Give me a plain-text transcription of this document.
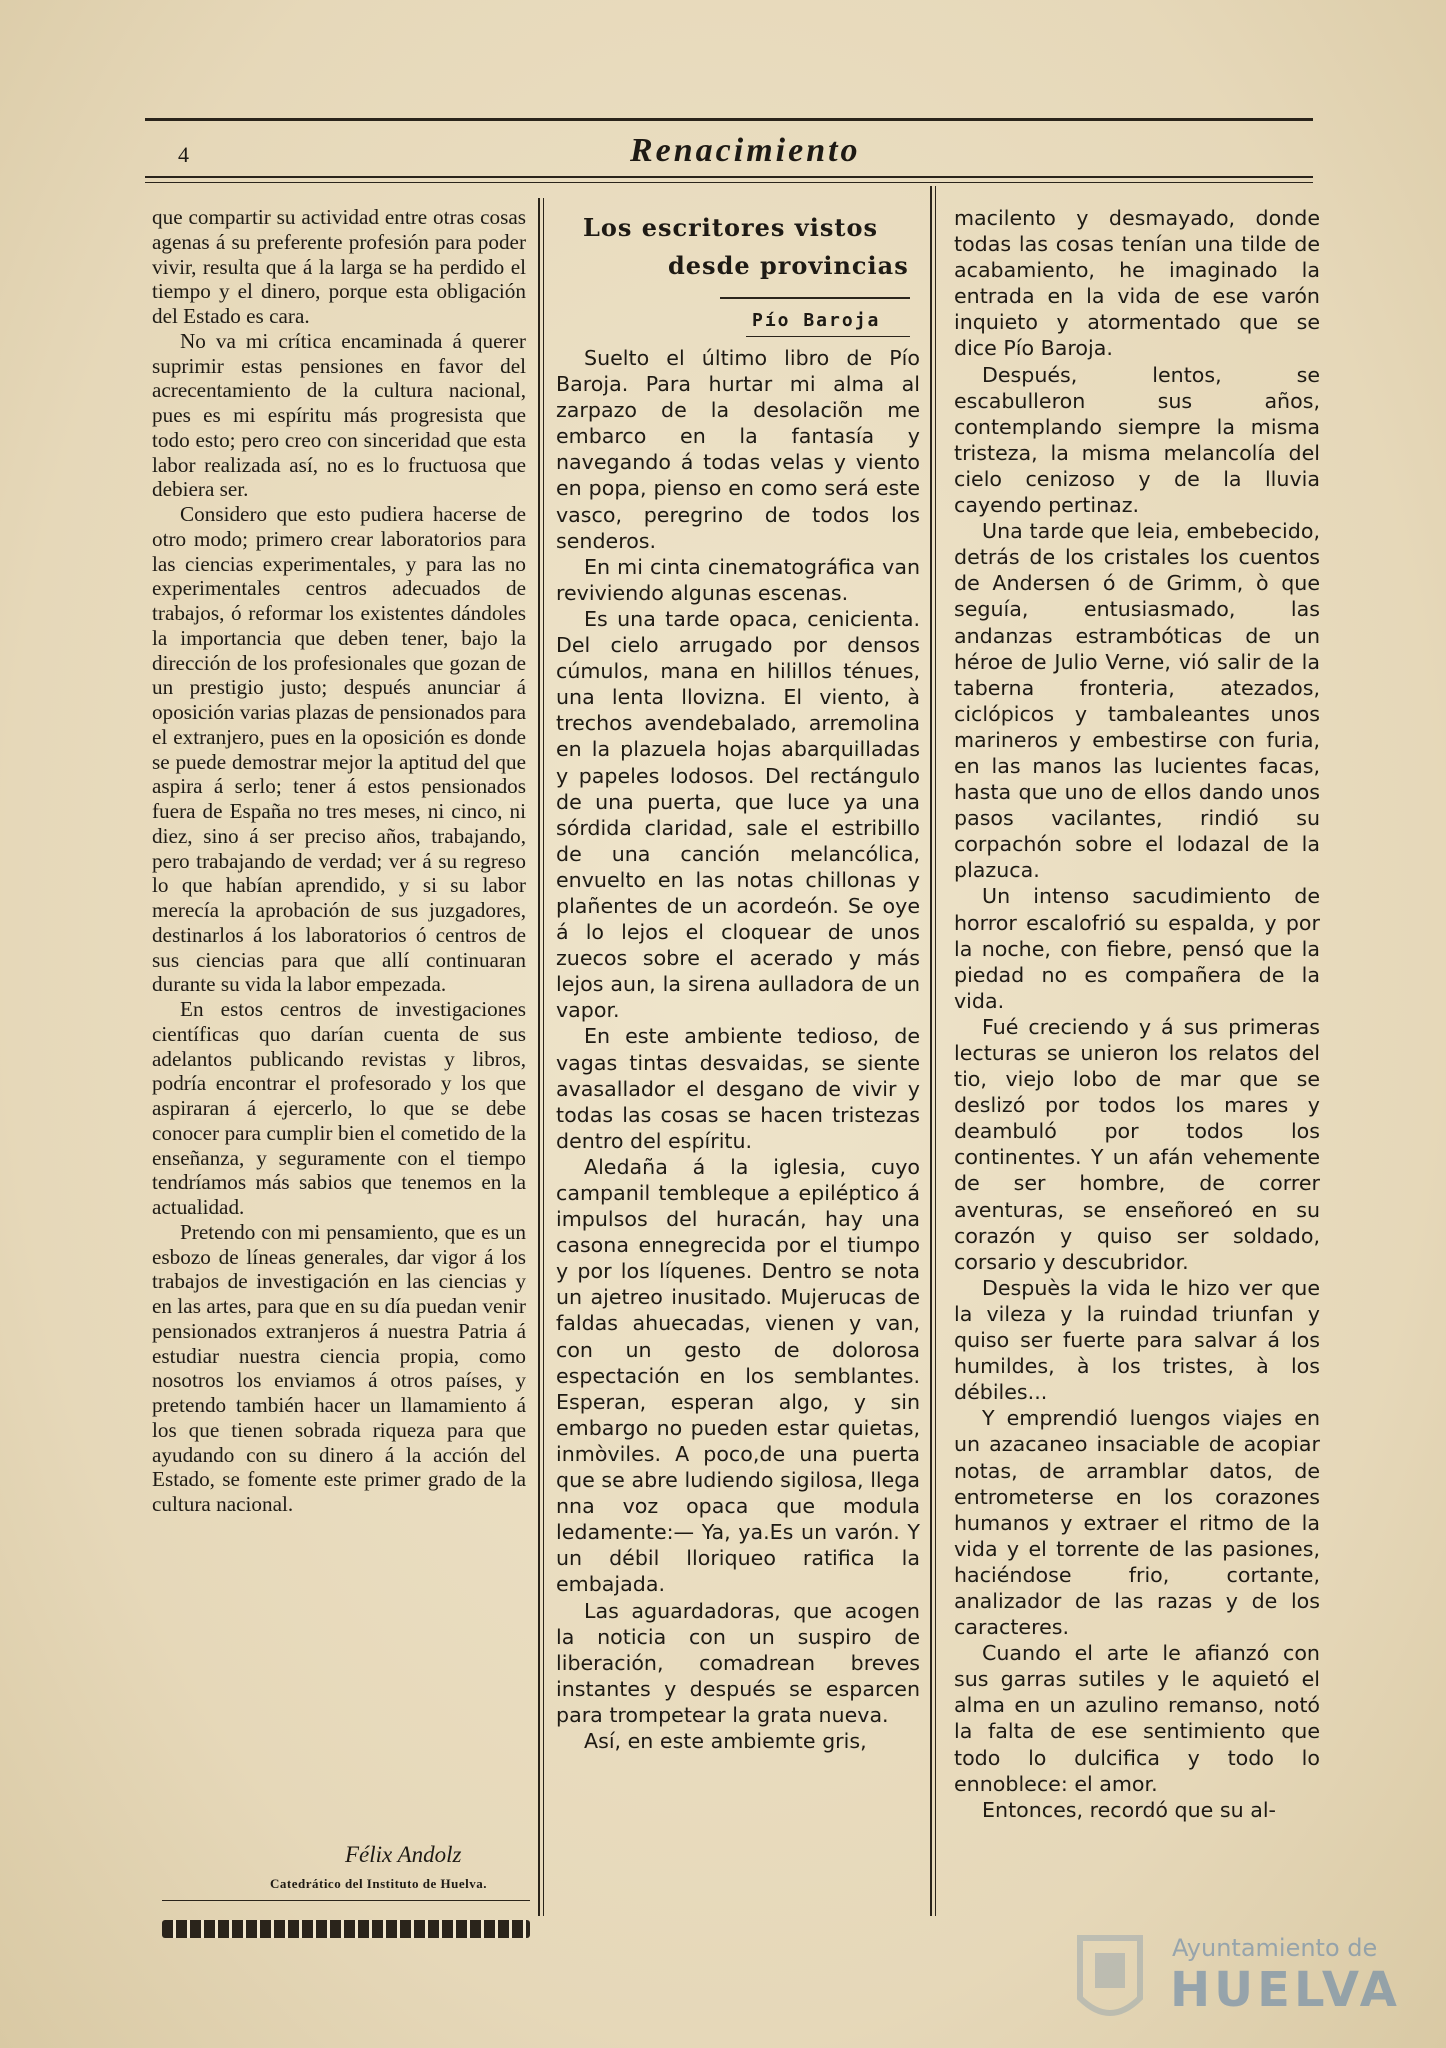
4	Renacimiento

que compartir su actividad entre otras cosas agenas á su preferente profesión para poder vivir, resulta que á la larga se ha perdido el tiempo y el dinero, porque esta obligación del Estado es cara.

No va mi crítica encaminada á querer suprimir estas pensiones en favor del acrecentamiento de la cultura nacional, pues es mi espíritu más progresista que todo esto; pero creo con sinceridad que esta labor realizada así, no es lo fructuosa que debiera ser.

Considero que esto pudiera hacerse de otro modo; primero crear laboratorios para las ciencias experimentales, y para las no experimentales centros adecuados de trabajos, ó reformar los existentes dándoles la importancia que deben tener, bajo la dirección de los profesionales que gozan de un prestigio justo; después anunciar á oposición varias plazas de pensionados para el extranjero, pues en la oposición es donde se puede demostrar mejor la aptitud del que aspira á serlo; tener á estos pensionados fuera de España no tres meses, ni cinco, ni diez, sino á ser preciso años, trabajando, pero trabajando de verdad; ver á su regreso lo que habían aprendido, y si su labor merecía la aprobación de sus juzgadores, destinarlos á los laboratorios ó centros de sus ciencias para que allí continuaran durante su vida la labor empezada.

En estos centros de investigaciones científicas quo darían cuenta de sus adelantos publicando revistas y libros, podría encontrar el profesorado y los que aspiraran á ejercerlo, lo que se debe conocer para cumplir bien el cometido de la enseñanza, y seguramente con el tiempo tendríamos más sabios que tenemos en la actualidad.

Pretendo con mi pensamiento, que es un esbozo de líneas generales, dar vigor á los trabajos de investigación en las ciencias y en las artes, para que en su día puedan venir pensionados extranjeros á nuestra Patria á estudiar nuestra ciencia propia, como nosotros los enviamos á otros países, y pretendo también hacer un llamamiento á los que tienen sobrada riqueza para que ayudando con su dinero á la acción del Estado, se fomente este primer grado de la cultura nacional.

Félix Andolz
Catedrático del Instituto de Huelva.
Los escritores vistos
desde provincias
Pío Baroja

Suelto el último libro de Pío Baroja. Para hurtar mi alma al zarpazo de la desolaciõn me embarco en la fantasía y navegando á todas velas y viento en popa, pienso en como será este vasco, peregrino de todos los senderos.

En mi cinta cinematográfica van reviviendo algunas escenas.

Es una tarde opaca, cenicienta. Del cielo arrugado por densos cúmulos, mana en hilillos ténues, una lenta llovizna. El viento, à trechos avendebalado, arremolina en la plazuela hojas abarquilladas y papeles lodosos. Del rectángulo de una puerta, que luce ya una sórdida claridad, sale el estribillo de una canción melancólica, envuelto en las notas chillonas y plañentes de un acordeón. Se oye á lo lejos el cloquear de unos zuecos sobre el acerado y más lejos aun, la sirena aulladora de un vapor.

En este ambiente tedioso, de vagas tintas desvaidas, se siente avasallador el desgano de vivir y todas las cosas se hacen tristezas dentro del espíritu.

Aledaña á la iglesia, cuyo campanil tembleque a epiléptico á impulsos del huracán, hay una casona ennegrecida por el tiumpo y por los líquenes. Dentro se nota un ajetreo inusitado. Mujerucas de faldas ahuecadas, vienen y van, con un gesto de dolorosa espectación en los semblantes. Esperan, esperan algo, y sin embargo no pueden estar quietas, inmòviles. A poco,de una puerta que se abre ludiendo sigilosa, llega nna voz opaca que modula ledamente:— Ya, ya.Es un varón. Y un débil lloriqueo ratifica la embajada.

Las aguardadoras, que acogen la noticia con un suspiro de liberación, comadrean breves instantes y después se esparcen para trompetear la grata nueva.

Así, en este ambiemte gris,

macilento y desmayado, donde todas las cosas tenían una tilde de acabamiento, he imaginado la entrada en la vida de ese varón inquieto y atormentado que se dice Pío Baroja.

Después, lentos, se escabulleron sus años, contemplando siempre la misma tristeza, la misma melancolía del cielo cenizoso y de la lluvia cayendo pertinaz.

Una tarde que leia, embebecido, detrás de los cristales los cuentos de Andersen ó de Grimm, ò que seguía, entusiasmado, las andanzas estrambóticas de un héroe de Julio Verne, vió salir de la taberna fronteria, atezados, ciclópicos y tambaleantes unos marineros y embestirse con furia, en las manos las lucientes facas, hasta que uno de ellos dando unos pasos vacilantes, rindió su corpachón sobre el lodazal de la plazuca.

Un intenso sacudimiento de horror escalofrió su espalda, y por la noche, con fiebre, pensó que la piedad no es compañera de la vida.

Fué creciendo y á sus primeras lecturas se unieron los relatos del tio, viejo lobo de mar que se deslizó por todos los mares y deambuló por todos los continentes. Y un afán vehemente de ser hombre, de correr aventuras, se enseñoreó en su corazón y quiso ser soldado, corsario y descubridor.

Despuès la vida le hizo ver que la vileza y la ruindad triunfan y quiso ser fuerte para salvar á los humildes, à los tristes, à los débiles...

Y emprendió luengos viajes en un azacaneo insaciable de acopiar notas, de arramblar datos, de entrometerse en los corazones humanos y extraer el ritmo de la vida y el torrente de las pasiones, haciéndose frio, cortante, analizador de las razas y de los caracteres.

Cuando el arte le afianzó con sus garras sutiles y le aquietó el alma en un azulino remanso, notó la falta de ese sentimiento que todo lo dulcifica y todo lo ennoblece: el amor.

Entonces, recordó que su al-

Ayuntamiento de
HUELVA
